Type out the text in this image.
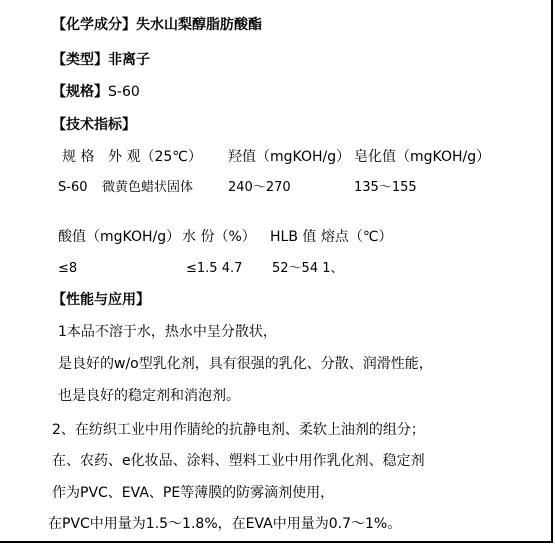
【化学成分】失水山梨醇脂肪酸酯
【类型】非离子
【规格】S-60
【技术指标】
规 格 外 观（25℃） 羟值（mgKOH/g） 皂化值（mgKOH/g）
S-60 微黄色蜡状固体	240～270	135～155
酸值（mgKOH/g） 水 份（%） HLB 值 熔点（℃）
≤8	≤1.5 4.7 52～54 1、
【性能与应用】
1本品不溶于水，热水中呈分散状，
是良好的w/o型乳化剂，具有很强的乳化、分散、润滑性能，
也是良好的稳定剂和消泡剂。
2、在纺织工业中用作腈纶的抗静电剂、柔软上油剂的组分；
在、农药、e化妆品、涂料、塑料工业中用作乳化剂、稳定剂
作为PVC、EVA、PE等薄膜的防雾滴剂使用，
在PVC中用量为1.5～1.8%，在EVA中用量为0.7～1%。
